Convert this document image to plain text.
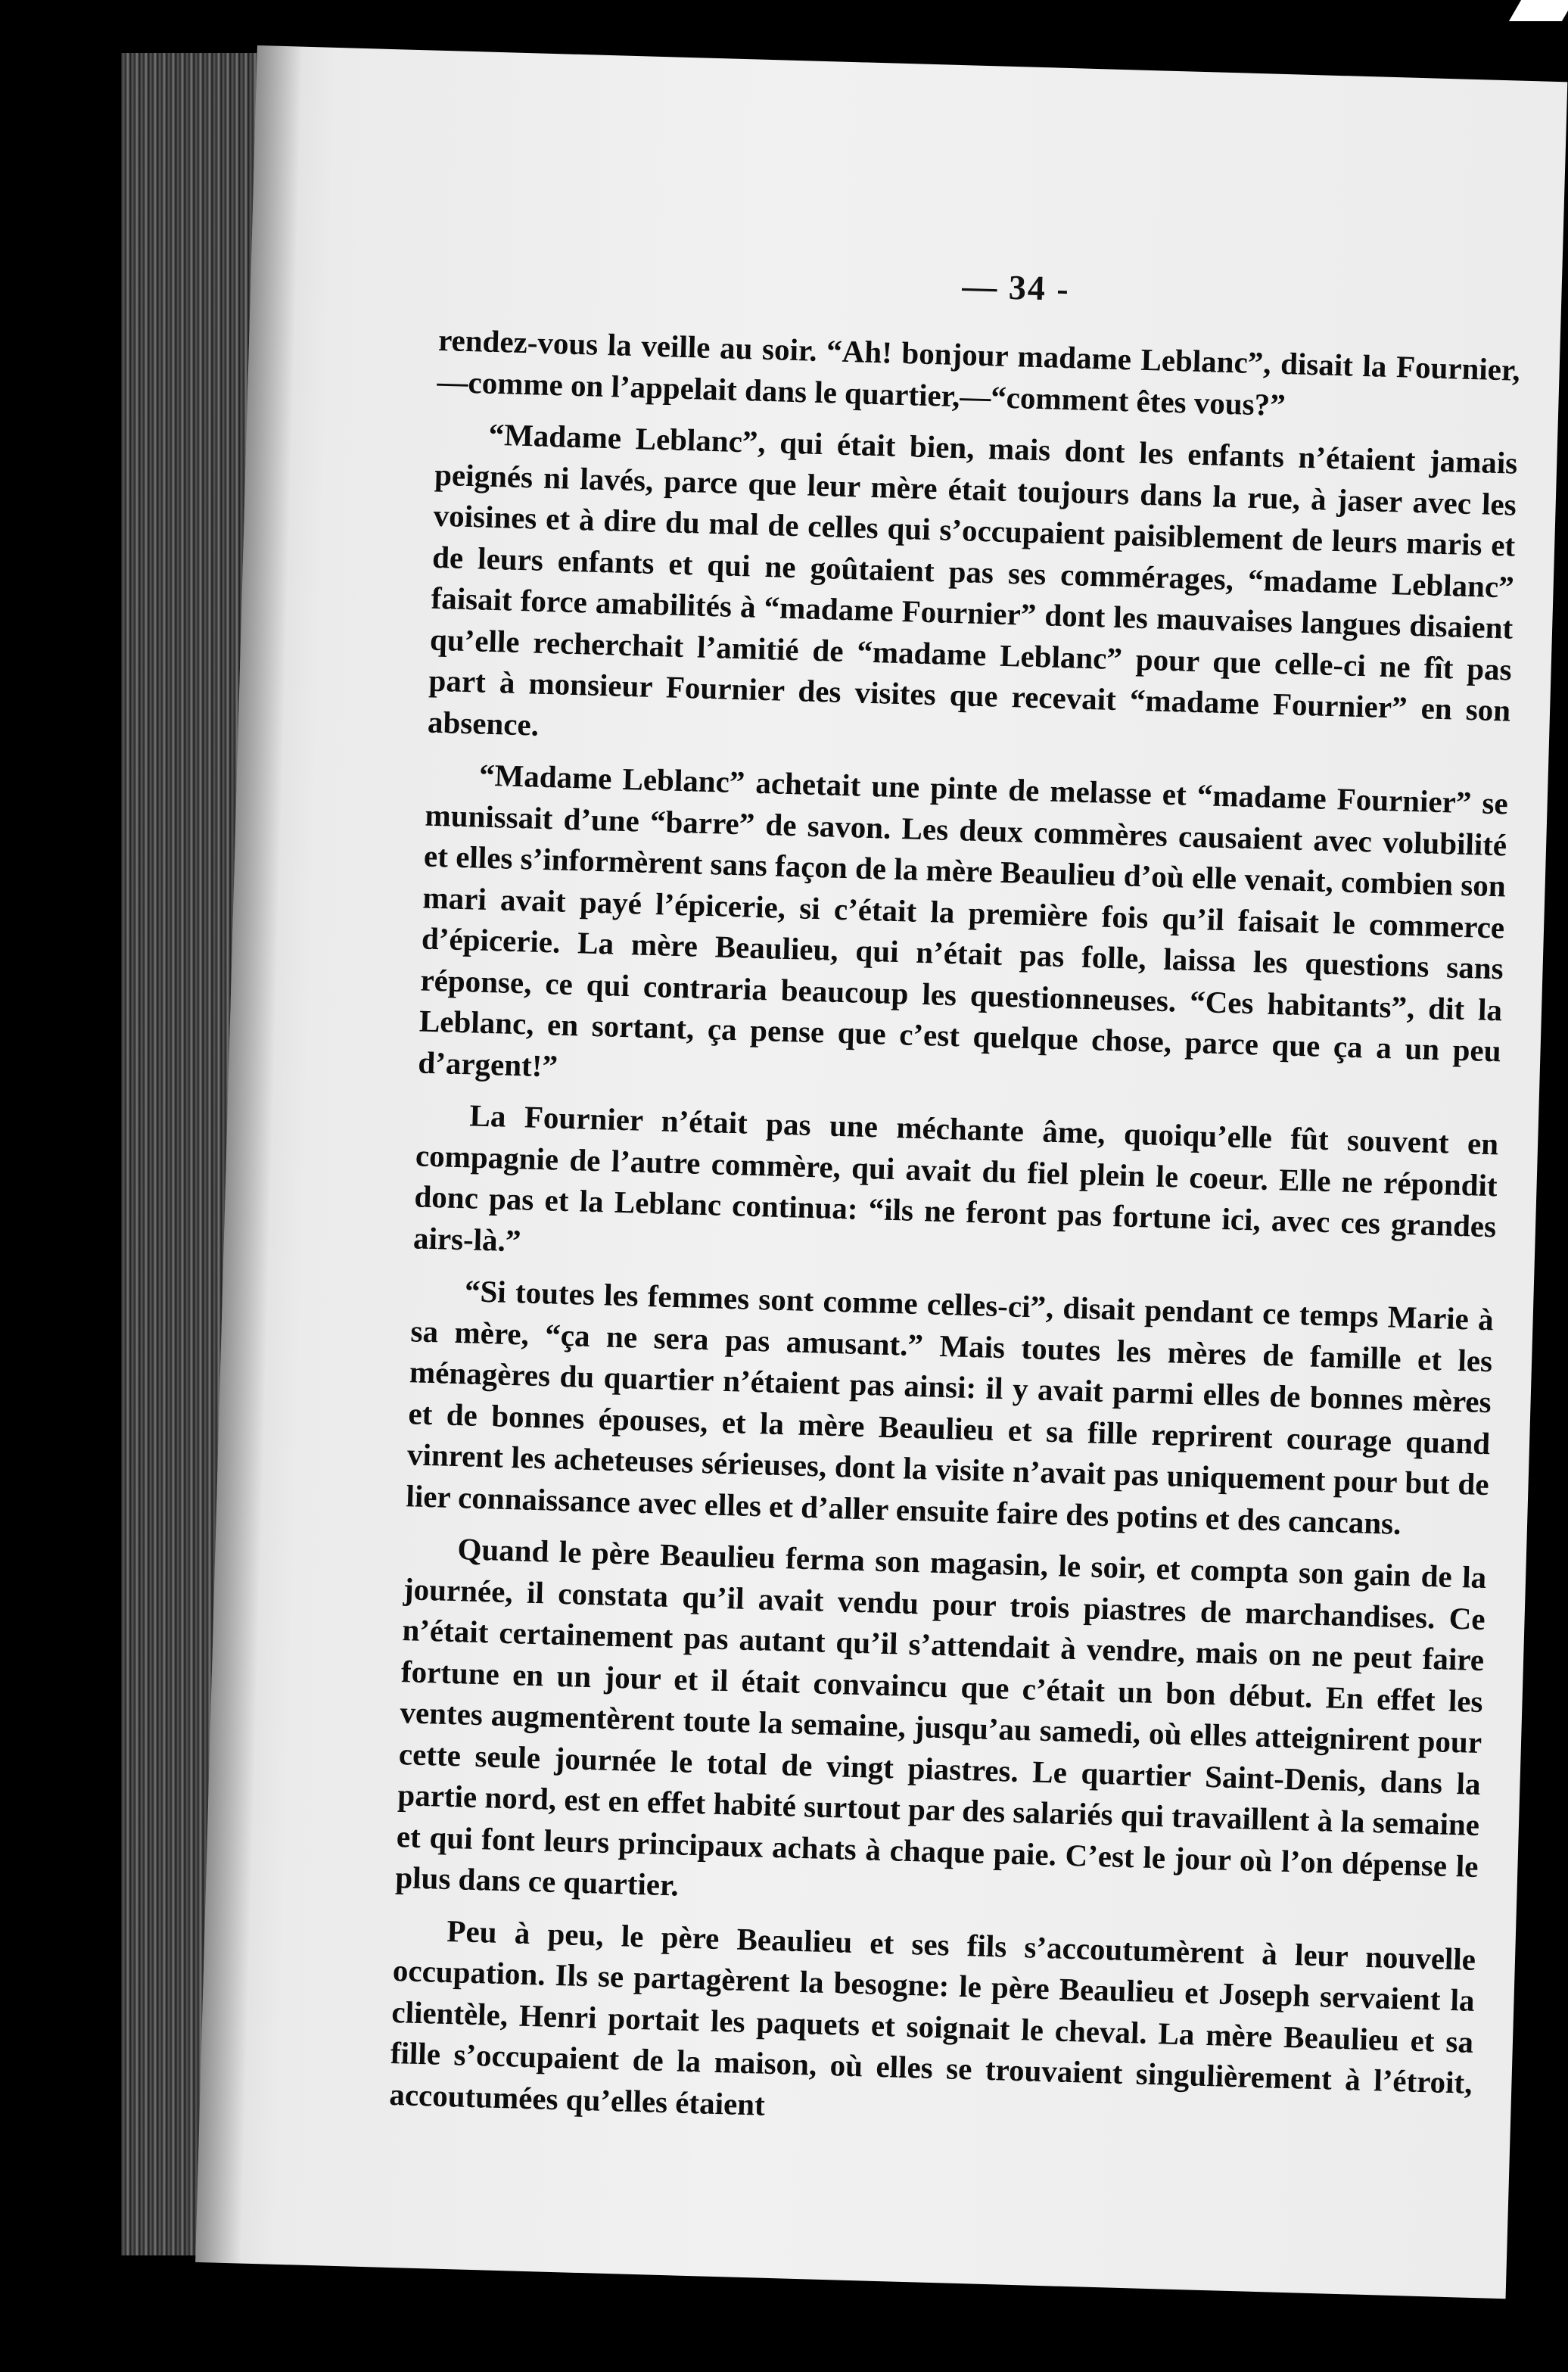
— 34 -

rendez-vous la veille au soir. “Ah! bonjour madame Leblanc”, disait la Fournier,—comme on l’appelait dans le quartier,—“comment êtes vous?”

“Madame Leblanc”, qui était bien, mais dont les enfants n’étaient jamais peignés ni lavés, parce que leur mère était toujours dans la rue, à jaser avec les voisines et à dire du mal de celles qui s’occupaient paisiblement de leurs maris et de leurs enfants et qui ne goûtaient pas ses commérages, “madame Leblanc” faisait force amabilités à “madame Fournier” dont les mauvaises langues disaient qu’elle recherchait l’amitié de “madame Leblanc” pour que celle-ci ne fît pas part à monsieur Fournier des visites que recevait “madame Fournier” en son absence.

“Madame Leblanc” achetait une pinte de melasse et “madame Fournier” se munissait d’une “barre” de savon. Les deux commères causaient avec volubilité et elles s’informèrent sans façon de la mère Beaulieu d’où elle venait, combien son mari avait payé l’épicerie, si c’était la première fois qu’il faisait le commerce d’épicerie. La mère Beaulieu, qui n’était pas folle, laissa les questions sans réponse, ce qui contraria beaucoup les questionneuses. “Ces habitants”, dit la Leblanc, en sortant, ça pense que c’est quelque chose, parce que ça a un peu d’argent!”

La Fournier n’était pas une méchante âme, quoiqu’elle fût souvent en compagnie de l’autre commère, qui avait du fiel plein le coeur. Elle ne répondit donc pas et la Leblanc continua: “ils ne feront pas fortune ici, avec ces grandes airs-là.”

“Si toutes les femmes sont comme celles-ci”, disait pendant ce temps Marie à sa mère, “ça ne sera pas amusant.” Mais toutes les mères de famille et les ménagères du quartier n’étaient pas ainsi: il y avait parmi elles de bonnes mères et de bonnes épouses, et la mère Beaulieu et sa fille reprirent courage quand vinrent les acheteuses sérieuses, dont la visite n’avait pas uniquement pour but de lier connaissance avec elles et d’aller ensuite faire des potins et des cancans.

Quand le père Beaulieu ferma son magasin, le soir, et compta son gain de la journée, il constata qu’il avait vendu pour trois piastres de marchandises. Ce n’était certainement pas autant qu’il s’attendait à vendre, mais on ne peut faire fortune en un jour et il était convaincu que c’était un bon début. En effet les ventes augmentèrent toute la semaine, jusqu’au samedi, où elles atteignirent pour cette seule journée le total de vingt piastres. Le quartier Saint-Denis, dans la partie nord, est en effet habité surtout par des salariés qui travaillent à la semaine et qui font leurs principaux achats à chaque paie. C’est le jour où l’on dépense le plus dans ce quartier.

Peu à peu, le père Beaulieu et ses fils s’accoutumèrent à leur nouvelle occupation. Ils se partagèrent la besogne: le père Beaulieu et Joseph servaient la clientèle, Henri portait les paquets et soignait le cheval. La mère Beaulieu et sa fille s’occupaient de la maison, où elles se trouvaient singulièrement à l’étroit, accoutumées qu’elles étaient
